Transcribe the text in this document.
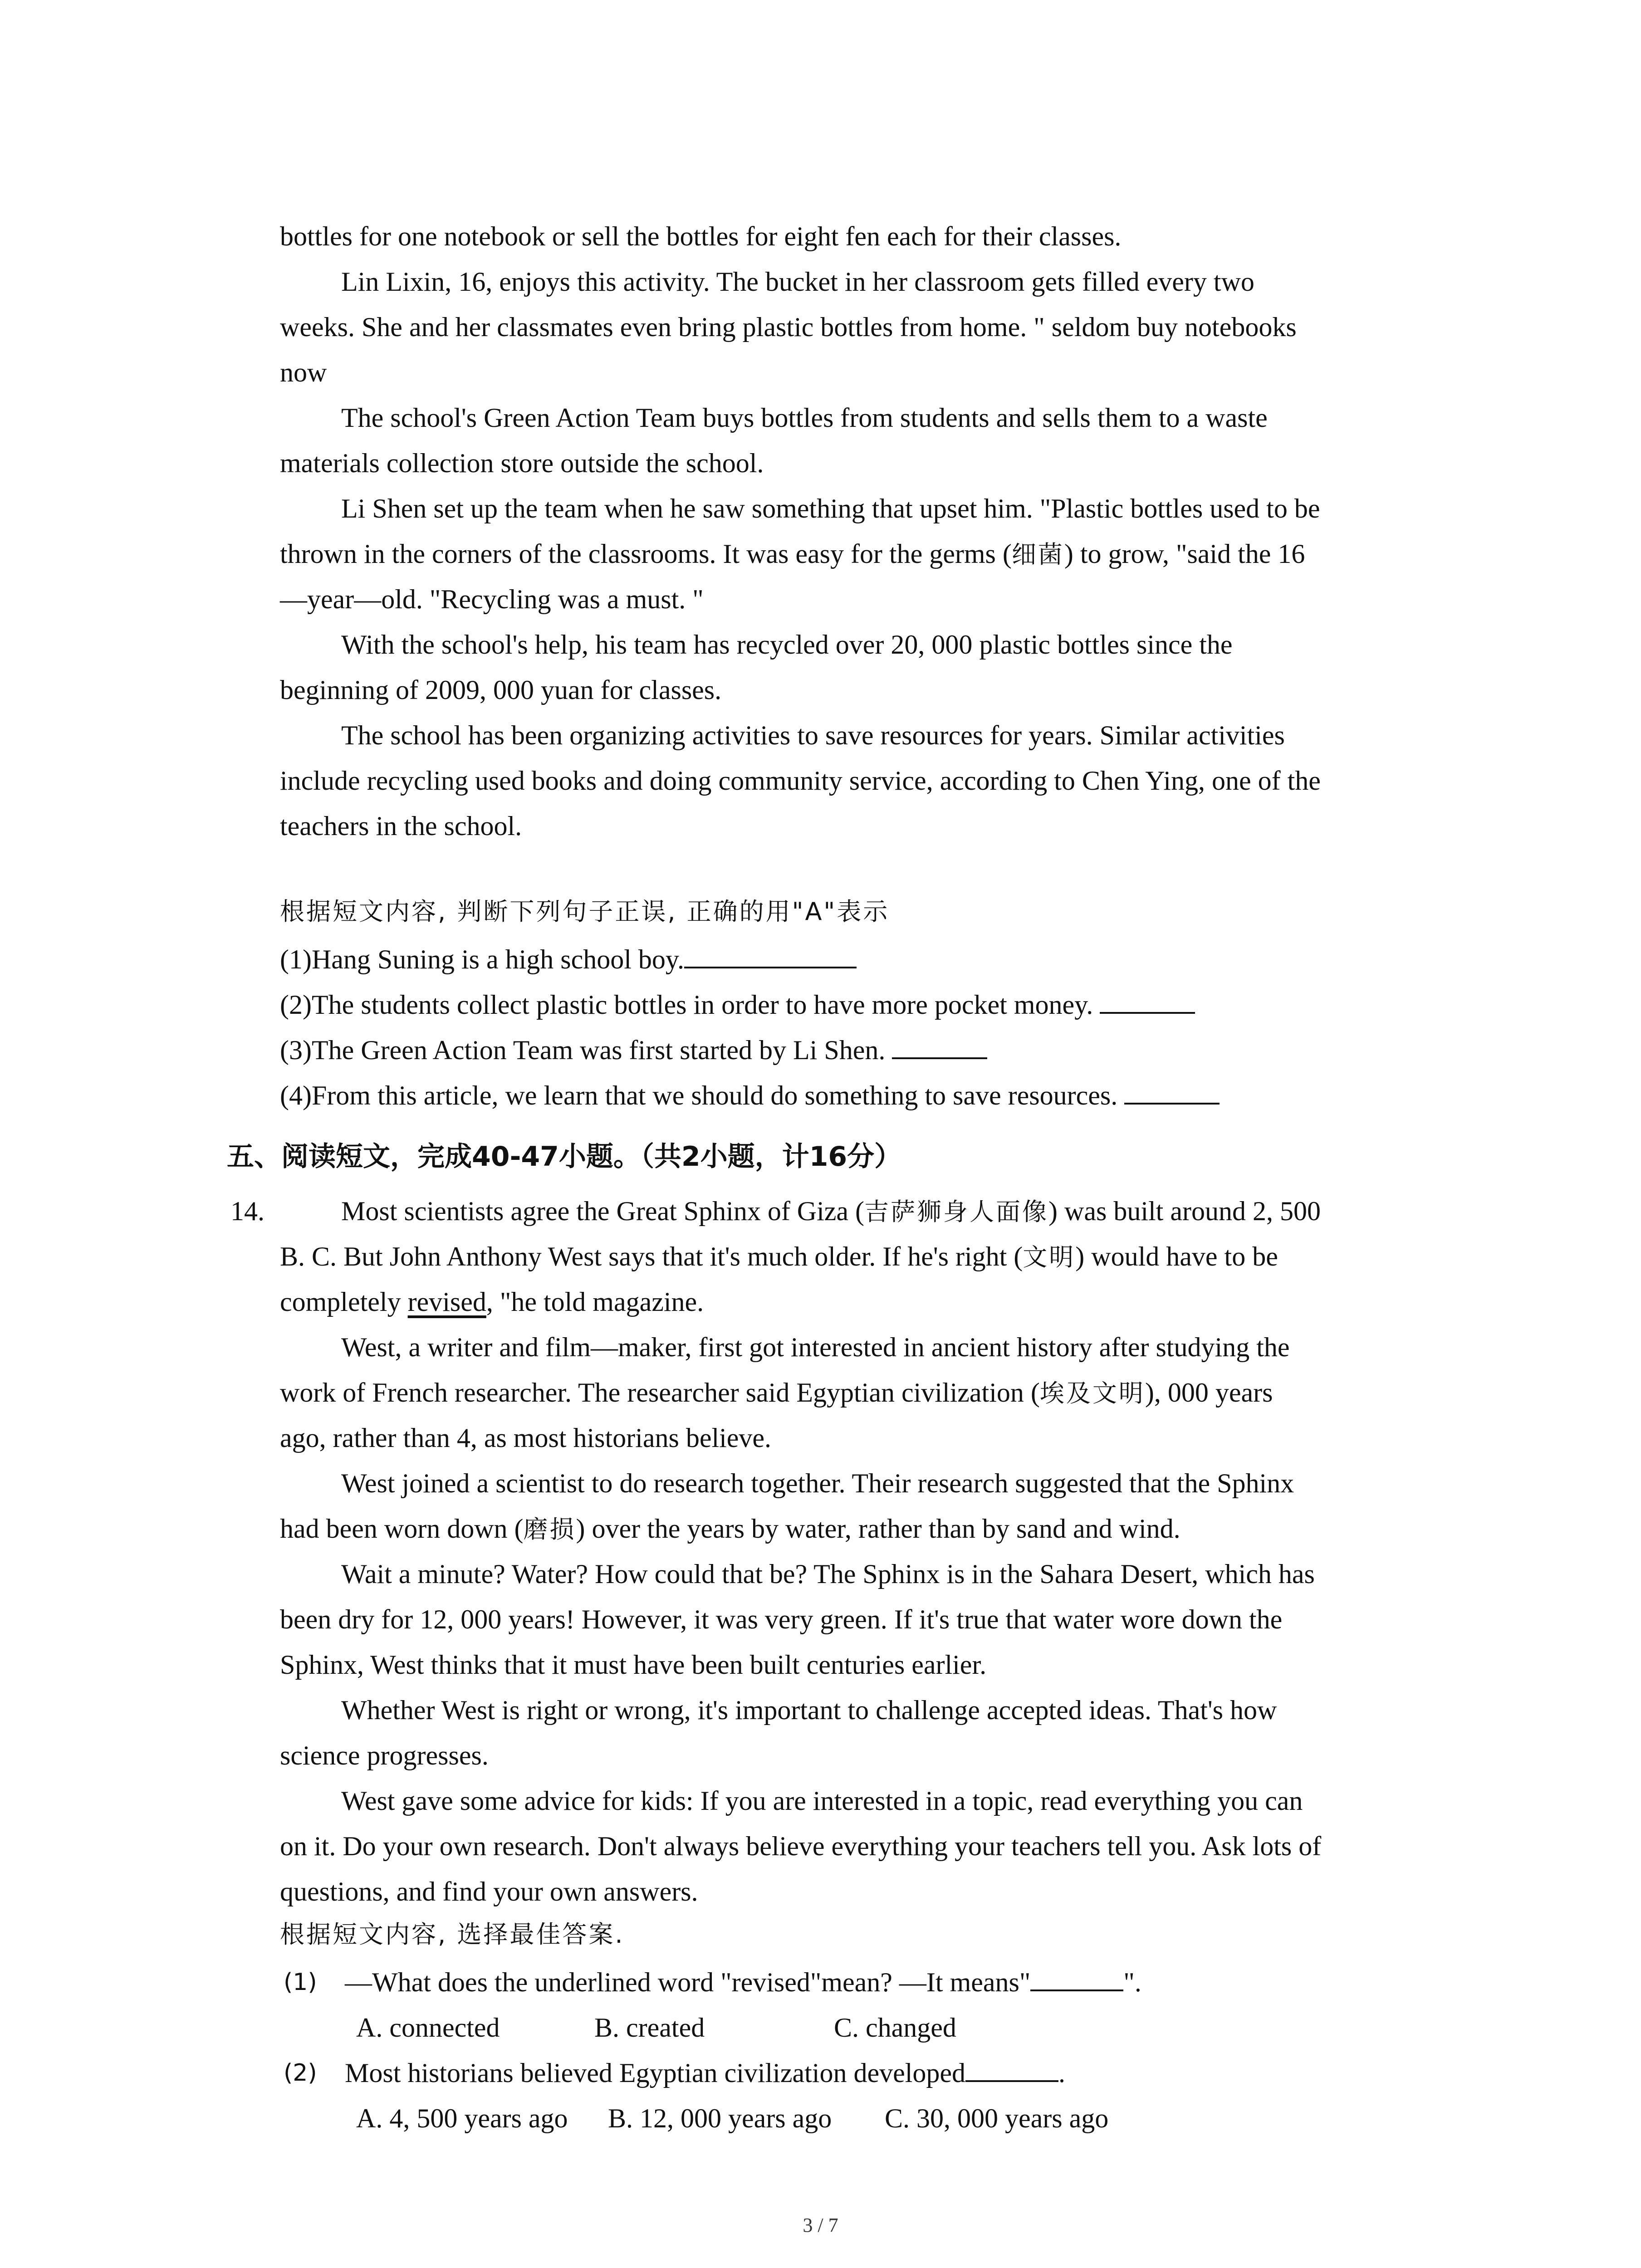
bottles for one notebook or sell the bottles for eight fen each for their classes.
Lin Lixin, 16, enjoys this activity. The bucket in her classroom gets filled every two
weeks. She and her classmates even bring plastic bottles from home. " seldom buy notebooks
now
The school's Green Action Team buys bottles from students and sells them to a waste
materials collection store outside the school.
Li Shen set up the team when he saw something that upset him. "Plastic bottles used to be
thrown in the corners of the classrooms. It was easy for the germs (细菌) to grow, "said the 16
—year—old. "Recycling was a must. "
With the school's help, his team has recycled over 20, 000 plastic bottles since the
beginning of 2009, 000 yuan for classes.
The school has been organizing activities to save resources for years. Similar activities
include recycling used books and doing community service, according to Chen Ying, one of the
teachers in the school.
根据短文内容, 判断下列句子正误, 正确的用"A"表示
(1)Hang Suning is a high school boy.
(2)The students collect plastic bottles in order to have more pocket money.
(3)The Green Action Team was first started by Li Shen.
(4)From this article, we learn that we should do something to save resources.
五、阅读短文，完成40-47小题。（共2小题，计16分）
14.	Most scientists agree the Great Sphinx of Giza (吉萨狮身人面像) was built around 2, 500
B. C. But John Anthony West says that it's much older. If he's right (文明) would have to be
completely revised, "he told magazine.
West, a writer and film—maker, first got interested in ancient history after studying the
work of French researcher. The researcher said Egyptian civilization (埃及文明), 000 years
ago, rather than 4, as most historians believe.
West joined a scientist to do research together. Their research suggested that the Sphinx
had been worn down (磨损) over the years by water, rather than by sand and wind.
Wait a minute? Water? How could that be? The Sphinx is in the Sahara Desert, which has
been dry for 12, 000 years! However, it was very green. If it's true that water wore down the
Sphinx, West thinks that it must have been built centuries earlier.
Whether West is right or wrong, it's important to challenge accepted ideas. That's how
science progresses.
West gave some advice for kids: If you are interested in a topic, read everything you can
on it. Do your own research. Don't always believe everything your teachers tell you. Ask lots of
questions, and find your own answers.
根据短文内容, 选择最佳答案.
(1) —What does the underlined word "revised"mean? —It means"	".
A. connected	B. created	C. changed
(2) Most historians believed Egyptian civilization developed	.
A. 4, 500 years ago B. 12, 000 years ago C. 30, 000 years ago
3 / 7
